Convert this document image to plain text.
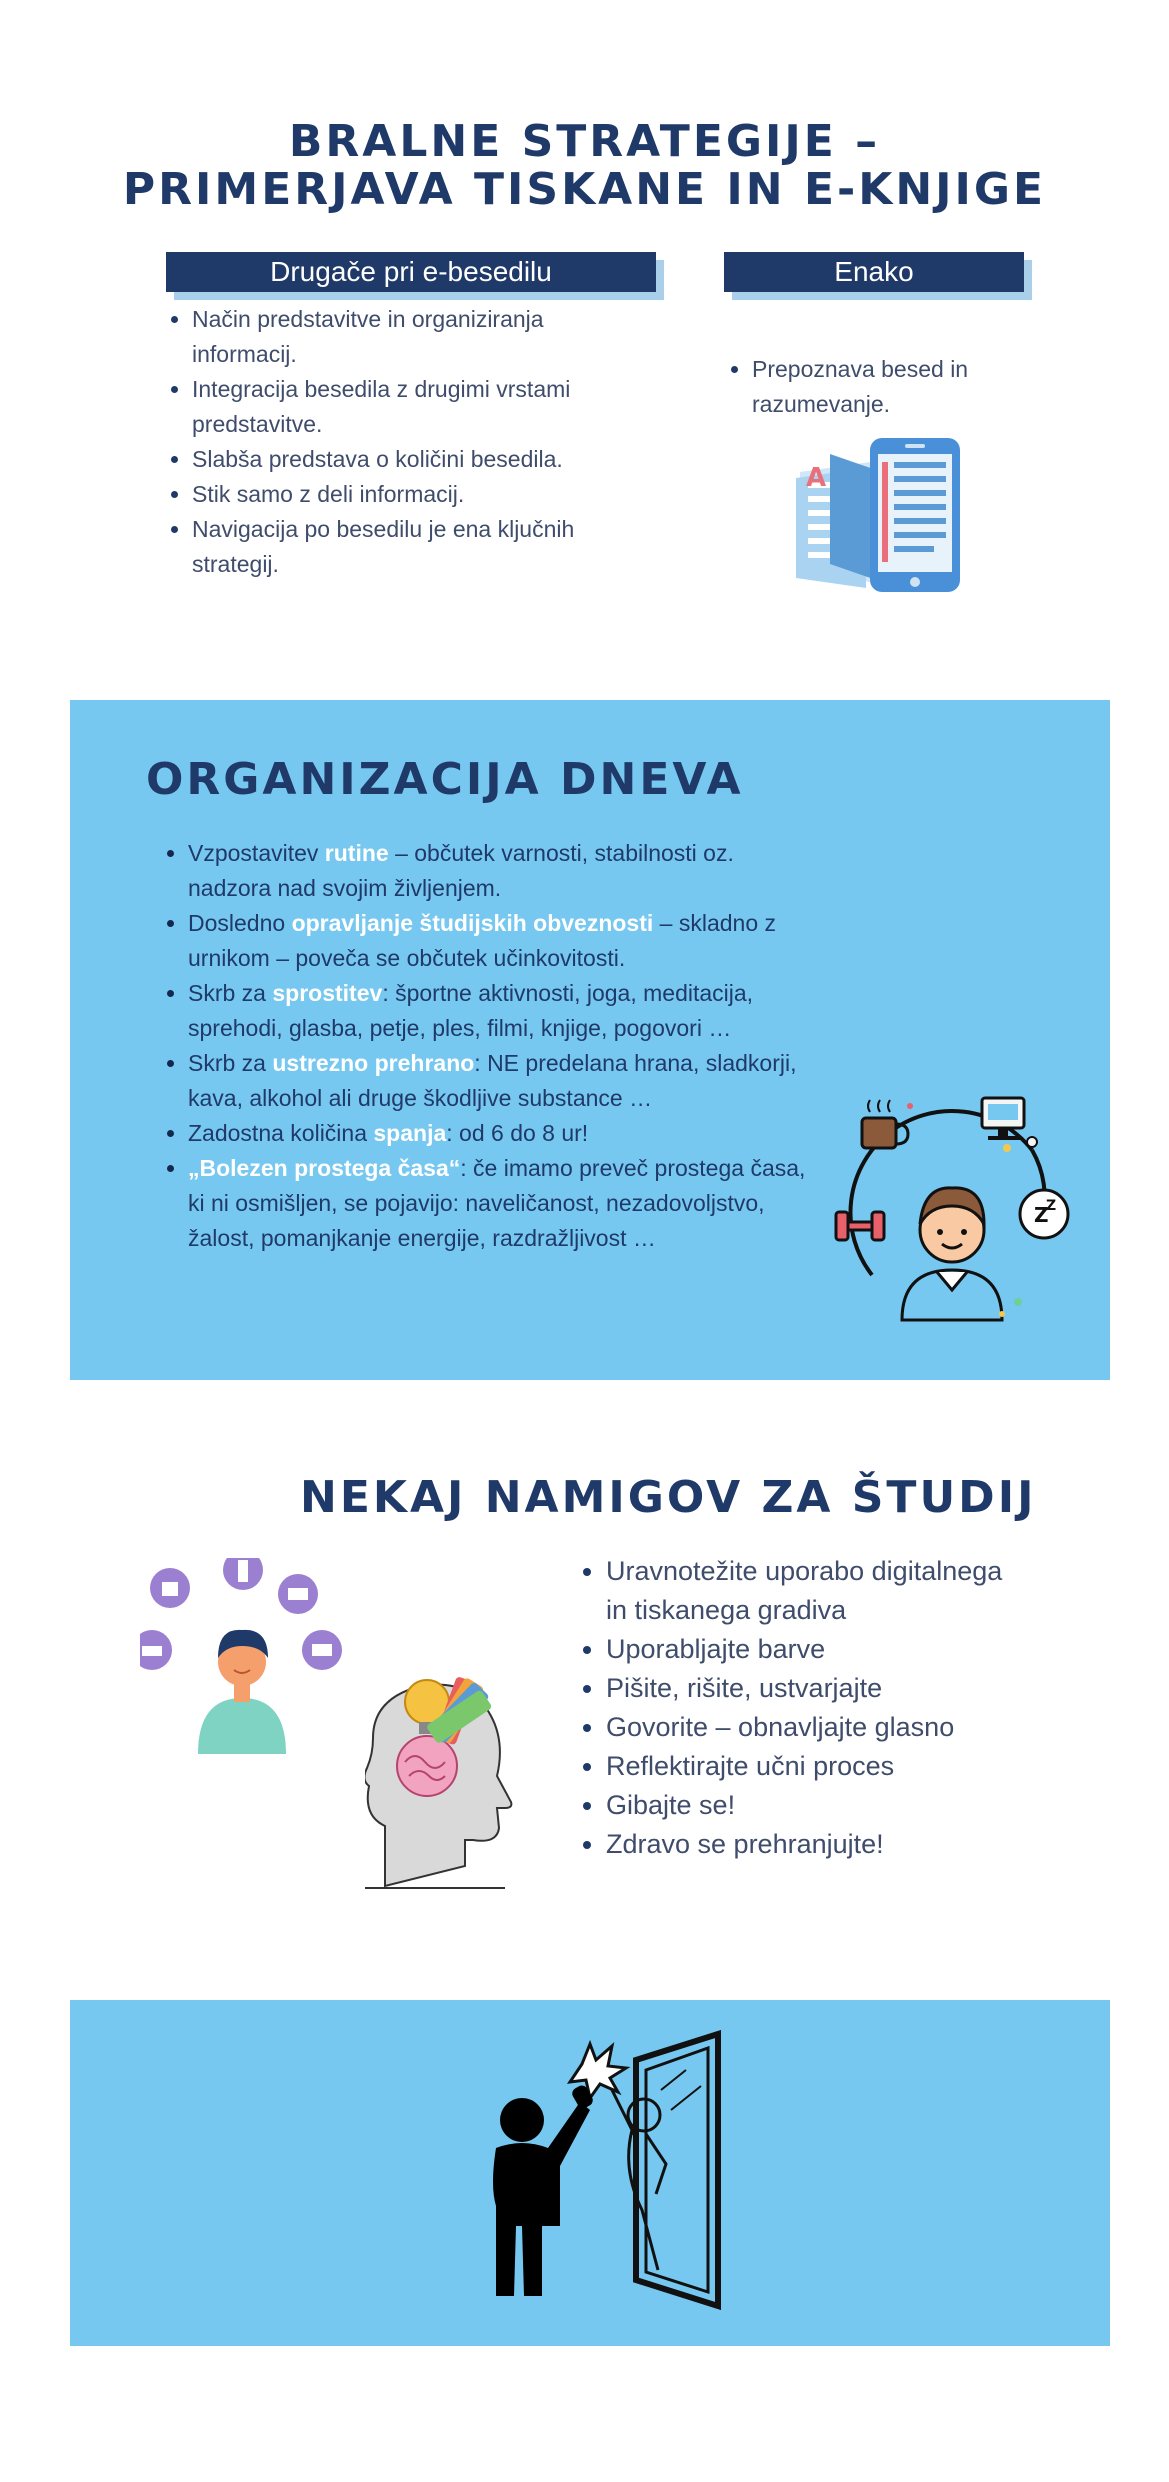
BRALNE STRATEGIJE –
PRIMERJAVA TISKANE IN E-KNJIGE
Drugače pri e-besedilu	Enako
• Način predstavitve in organiziranja informacij.
• Integracija besedila z drugimi vrstami predstavitve.
• Slabša predstava o količini besedila.
• Stik samo z deli informacij.
• Navigacija po besedilu je ena ključnih strategij.
• Prepoznava besed in razumevanje.
A
ORGANIZACIJA DNEVA
• Vzpostavitev rutine – občutek varnosti, stabilnosti oz. nadzora nad svojim življenjem.
• Dosledno opravljanje študijskih obveznosti – skladno z urnikom – poveča se občutek učinkovitosti.
• Skrb za sprostitev: športne aktivnosti, joga, meditacija, sprehodi, glasba, petje, ples, filmi, knjige, pogovori …
• Skrb za ustrezno prehrano: NE predelana hrana, sladkorji, kava, alkohol ali druge škodljive substance …
• Zadostna količina spanja: od 6 do 8 ur!
• „Bolezen prostega časa“: če imamo preveč prostega časa, ki ni osmišljen, se pojavijo: naveličanost, nezadovoljstvo, žalost, pomanjkanje energije, razdražljivost …
Z
Z
NEKAJ NAMIGOV ZA ŠTUDIJ
• Uravnotežite uporabo digitalnega in tiskanega gradiva
• Uporabljajte barve
• Pišite, rišite, ustvarjajte
• Govorite – obnavljajte glasno
• Reflektirajte učni proces
• Gibajte se!
• Zdravo se prehranjujte!
